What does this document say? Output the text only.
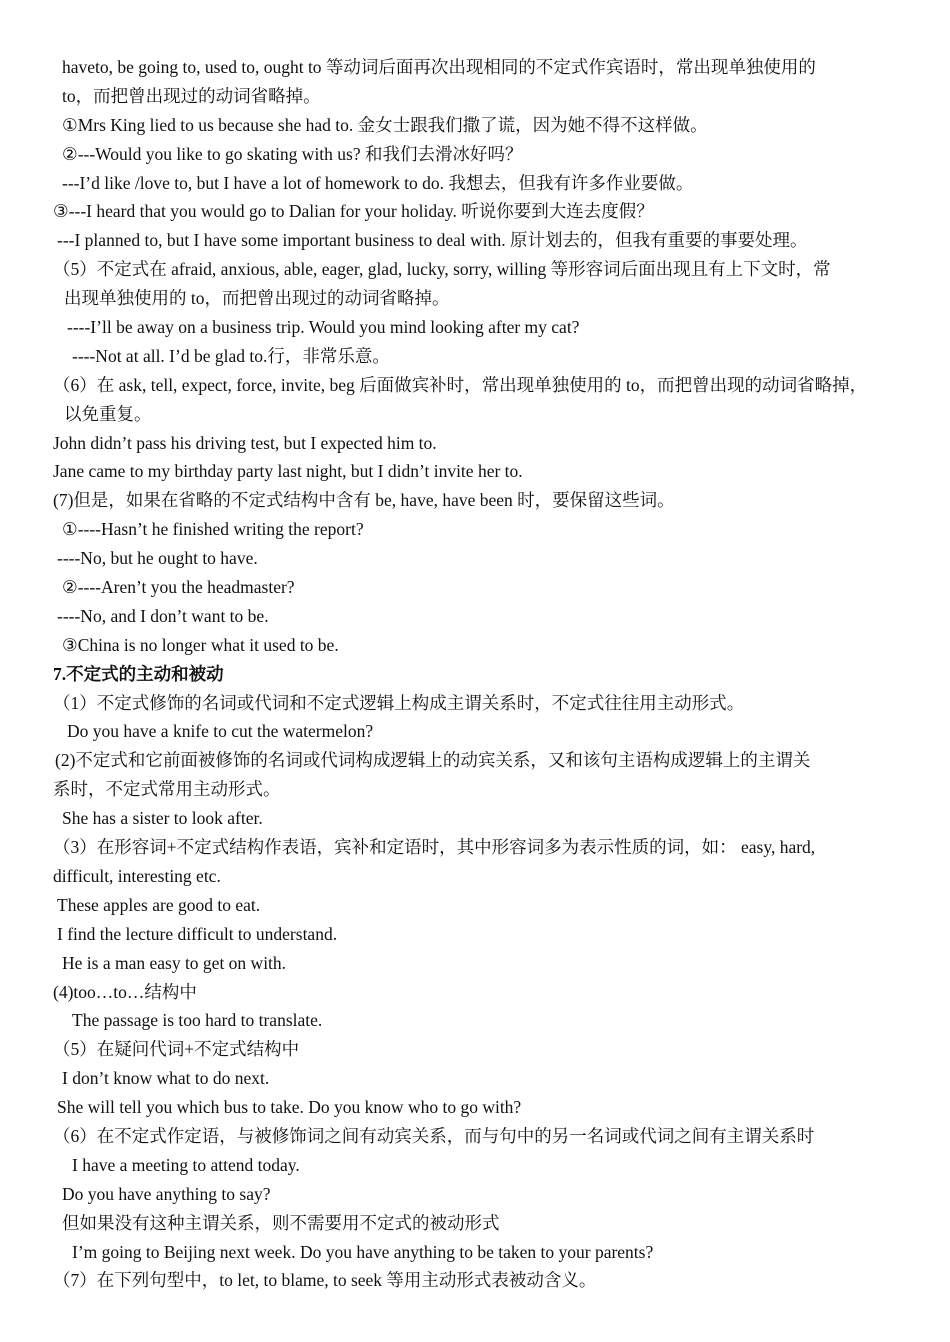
haveto, be going to, used to, ought to 等动词后面再次出现相同的不定式作宾语时，常出现单独使用的
to，而把曾出现过的动词省略掉。
①Mrs King lied to us because she had to. 金女士跟我们撒了谎，因为她不得不这样做。
②---Would you like to go skating with us? 和我们去滑冰好吗？
---I’d like /love to, but I have a lot of homework to do. 我想去，但我有许多作业要做。
③---I heard that you would go to Dalian for your holiday. 听说你要到大连去度假？
---I planned to, but I have some important business to deal with. 原计划去的，但我有重要的事要处理。
（5）不定式在 afraid, anxious, able, eager, glad, lucky, sorry, willing 等形容词后面出现且有上下文时，常
出现单独使用的 to，而把曾出现过的动词省略掉。
----I’ll be away on a business trip. Would you mind looking after my cat?
----Not at all. I’d be glad to.行，非常乐意。
（6）在 ask, tell, expect, force, invite, beg 后面做宾补时，常出现单独使用的 to，而把曾出现的动词省略掉，
以免重复。
John didn’t pass his driving test, but I expected him to.
Jane came to my birthday party last night, but I didn’t invite her to.
(7)但是，如果在省略的不定式结构中含有 be, have, have been 时，要保留这些词。
①----Hasn’t he finished writing the report?
----No, but he ought to have.
②----Aren’t you the headmaster?
----No, and I don’t want to be.
③China is no longer what it used to be.
7.不定式的主动和被动
（1）不定式修饰的名词或代词和不定式逻辑上构成主谓关系时，不定式往往用主动形式。
Do you have a knife to cut the watermelon?
(2)不定式和它前面被修饰的名词或代词构成逻辑上的动宾关系，又和该句主语构成逻辑上的主谓关
系时，不定式常用主动形式。
She has a sister to look after.
（3）在形容词+不定式结构作表语，宾补和定语时，其中形容词多为表示性质的词，如： easy, hard,
difficult, interesting etc.
These apples are good to eat.
I find the lecture difficult to understand.
He is a man easy to get on with.
(4)too…to…结构中
The passage is too hard to translate.
（5）在疑问代词+不定式结构中
I don’t know what to do next.
She will tell you which bus to take. Do you know who to go with?
（6）在不定式作定语，与被修饰词之间有动宾关系，而与句中的另一名词或代词之间有主谓关系时
I have a meeting to attend today.
Do you have anything to say?
但如果没有这种主谓关系，则不需要用不定式的被动形式
I’m going to Beijing next week. Do you have anything to be taken to your parents?
（7）在下列句型中，to let, to blame, to seek 等用主动形式表被动含义。
